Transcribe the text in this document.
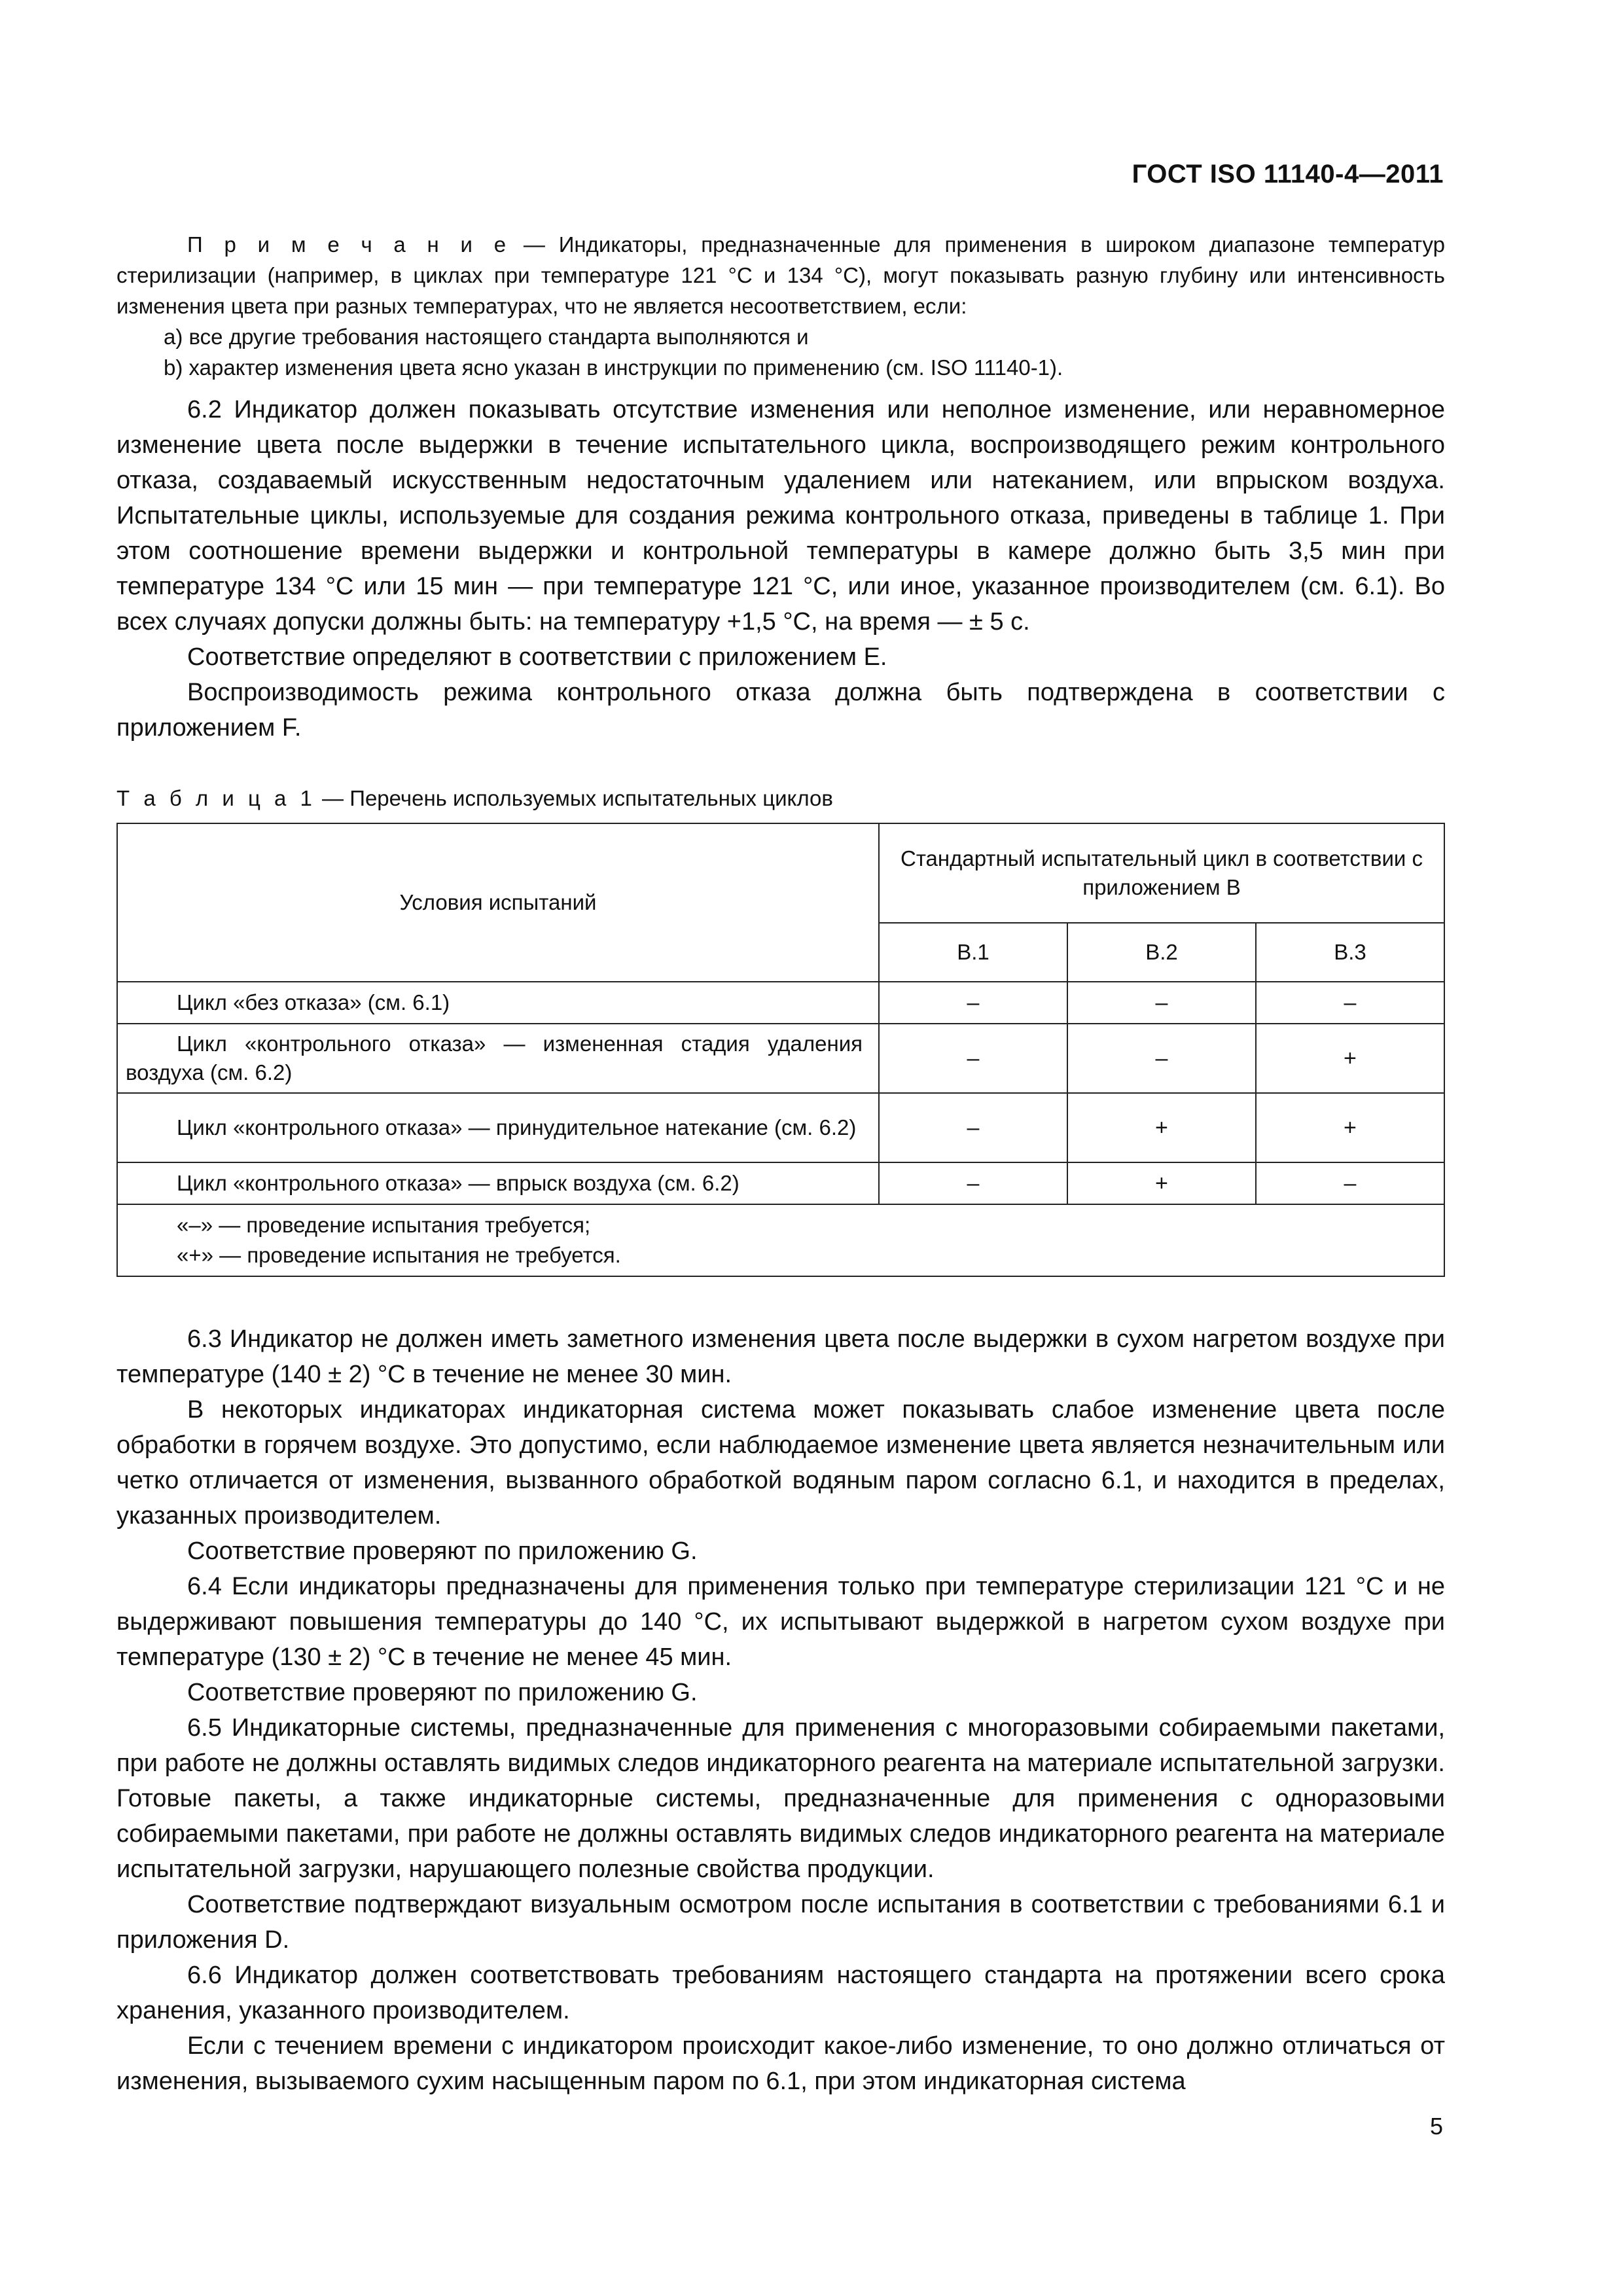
ГОСТ ISO 11140-4—2011

П р и м е ч а н и е — Индикаторы, предназначенные для применения в широком диапазоне температур стерилизации (например, в циклах при температуре 121 °С и 134 °С), могут показывать разную глубину или интенсивность изменения цвета при разных температурах, что не является несоответствием, если:

а) все другие требования настоящего стандарта выполняются и

b) характер изменения цвета ясно указан в инструкции по применению (см. ISO 11140-1).

6.2 Индикатор должен показывать отсутствие изменения или неполное изменение, или неравномерное изменение цвета после выдержки в течение испытательного цикла, воспроизводящего режим контрольного отказа, создаваемый искусственным недостаточным удалением или натеканием, или впрыском воздуха. Испытательные циклы, используемые для создания режима контрольного отказа, приведены в таблице 1. При этом соотношение времени выдержки и контрольной температуры в камере должно быть 3,5 мин при температуре 134 °С или 15 мин — при температуре 121 °С, или иное, указанное производителем (см. 6.1). Во всех случаях допуски должны быть: на температуру +1,5 °С, на время — ± 5 с.

Соответствие определяют в соответствии с приложением Е.

Воспроизводимость режима контрольного отказа должна быть подтверждена в соответствии с приложением F.

Т а б л и ц а 1 — Перечень используемых испытательных циклов
Условия испытаний	Стандартный испытательный цикл в соответствии с приложением В		
	В.1	В.2	В.3
Цикл «без отказа» (см. 6.1)	–	–	–
Цикл «контрольного отказа» — измененная стадия удаления воздуха (см. 6.2)	–	–	+
Цикл «контрольного отказа» — принудительное натекание (см. 6.2)	–	+	+
Цикл «контрольного отказа» — впрыск воздуха (см. 6.2)	–	+	–

«–» — проведение испытания требуется;
«+» — проведение испытания не требуется.			

6.3 Индикатор не должен иметь заметного изменения цвета после выдержки в сухом нагретом воздухе при температуре (140 ± 2) °С в течение не менее 30 мин.

В некоторых индикаторах индикаторная система может показывать слабое изменение цвета после обработки в горячем воздухе. Это допустимо, если наблюдаемое изменение цвета является незначительным или четко отличается от изменения, вызванного обработкой водяным паром согласно 6.1, и находится в пределах, указанных производителем.

Соответствие проверяют по приложению G.

6.4 Если индикаторы предназначены для применения только при температуре стерилизации 121 °С и не выдерживают повышения температуры до 140 °С, их испытывают выдержкой в нагретом сухом воздухе при температуре (130 ± 2) °С в течение не менее 45 мин.

Соответствие проверяют по приложению G.

6.5 Индикаторные системы, предназначенные для применения с многоразовыми собираемыми пакетами, при работе не должны оставлять видимых следов индикаторного реагента на материале испытательной загрузки. Готовые пакеты, а также индикаторные системы, предназначенные для применения с одноразовыми собираемыми пакетами, при работе не должны оставлять видимых следов индикаторного реагента на материале испытательной загрузки, нарушающего полезные свойства продукции.

Соответствие подтверждают визуальным осмотром после испытания в соответствии с требованиями 6.1 и приложения D.

6.6 Индикатор должен соответствовать требованиям настоящего стандарта на протяжении всего срока хранения, указанного производителем.

Если с течением времени с индикатором происходит какое-либо изменение, то оно должно отличаться от изменения, вызываемого сухим насыщенным паром по 6.1, при этом индикаторная система

5
